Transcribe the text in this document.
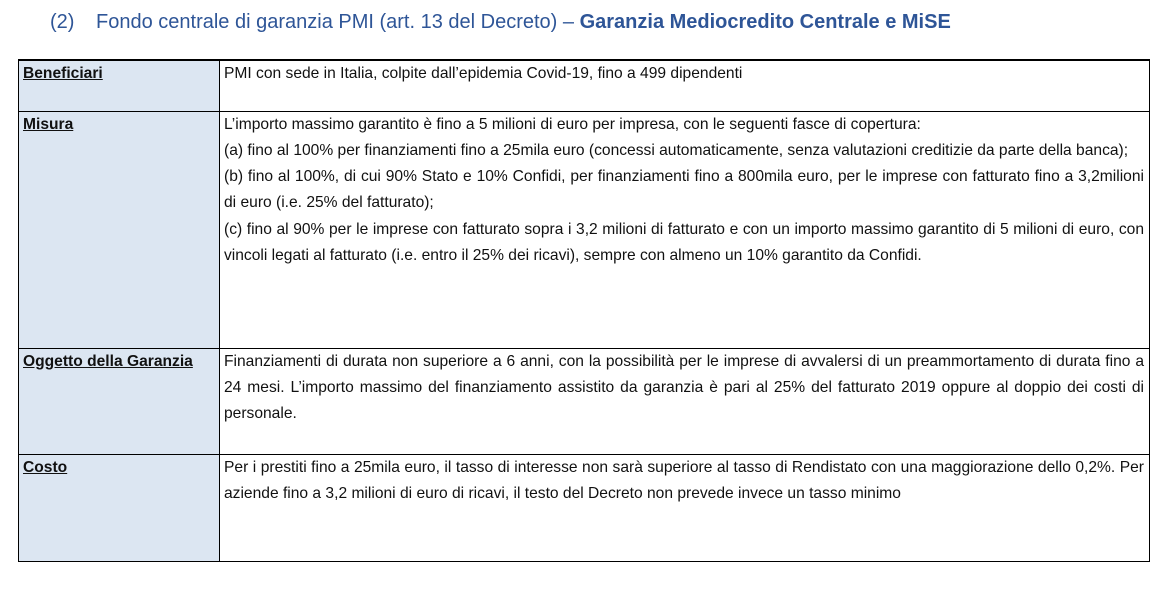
(2) Fondo centrale di garanzia PMI (art. 13 del Decreto) – Garanzia Mediocredito Centrale e MiSE
Beneficiari	PMI con sede in Italia, colpite dall’epidemia Covid-19, fino a 499 dipendenti

Misura	L’importo massimo garantito è fino a 5 milioni di euro per impresa, con le seguenti fasce di copertura:
(a) fino al 100% per finanziamenti fino a 25mila euro (concessi automaticamente, senza valutazioni creditizie da parte della banca);
(b) fino al 100%, di cui 90% Stato e 10% Confidi, per finanziamenti fino a 800mila euro, per le imprese con fatturato fino a 3,2milioni di euro (i.e. 25% del fatturato);
(c) fino al 90% per le imprese con fatturato sopra i 3,2 milioni di fatturato e con un importo massimo garantito di 5 milioni di euro, con vincoli legati al fatturato (i.e. entro il 25% dei ricavi), sempre con almeno un 10% garantito da Confidi.

Oggetto della Garanzia	Finanziamenti di durata non superiore a 6 anni, con la possibilità per le imprese di avvalersi di un preammortamento di durata fino a 24 mesi. L’importo massimo del finanziamento assistito da garanzia è pari al 25% del fatturato 2019 oppure al doppio dei costi di personale.

Costo	Per i prestiti fino a 25mila euro, il tasso di interesse non sarà superiore al tasso di Rendistato con una maggiorazione dello 0,2%. Per aziende fino a 3,2 milioni di euro di ricavi, il testo del Decreto non prevede invece un tasso minimo
